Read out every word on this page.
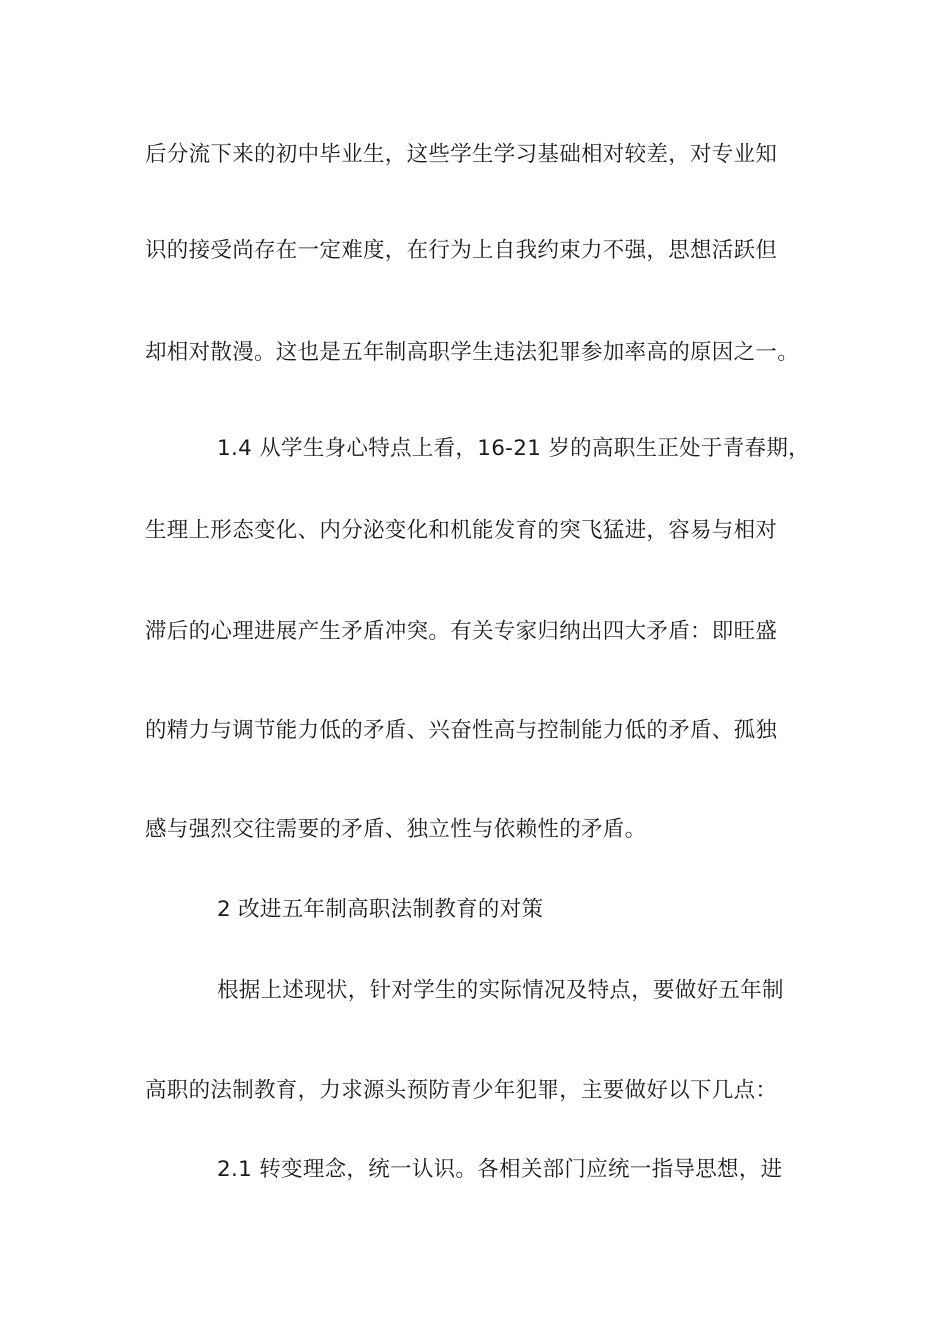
后分流下来的初中毕业生，这些学生学习基础相对较差，对专业知
识的接受尚存在一定难度，在行为上自我约束力不强，思想活跃但
却相对散漫。这也是五年制高职学生违法犯罪参加率高的原因之一。
1.4 从学生身心特点上看，16-21 岁的高职生正处于青春期，
生理上形态变化、内分泌变化和机能发育的突飞猛进，容易与相对
滞后的心理进展产生矛盾冲突。有关专家归纳出四大矛盾：即旺盛
的精力与调节能力低的矛盾、兴奋性高与控制能力低的矛盾、孤独
感与强烈交往需要的矛盾、独立性与依赖性的矛盾。
2 改进五年制高职法制教育的对策
根据上述现状，针对学生的实际情况及特点，要做好五年制
高职的法制教育，力求源头预防青少年犯罪，主要做好以下几点：
2.1 转变理念，统一认识。各相关部门应统一指导思想，进
